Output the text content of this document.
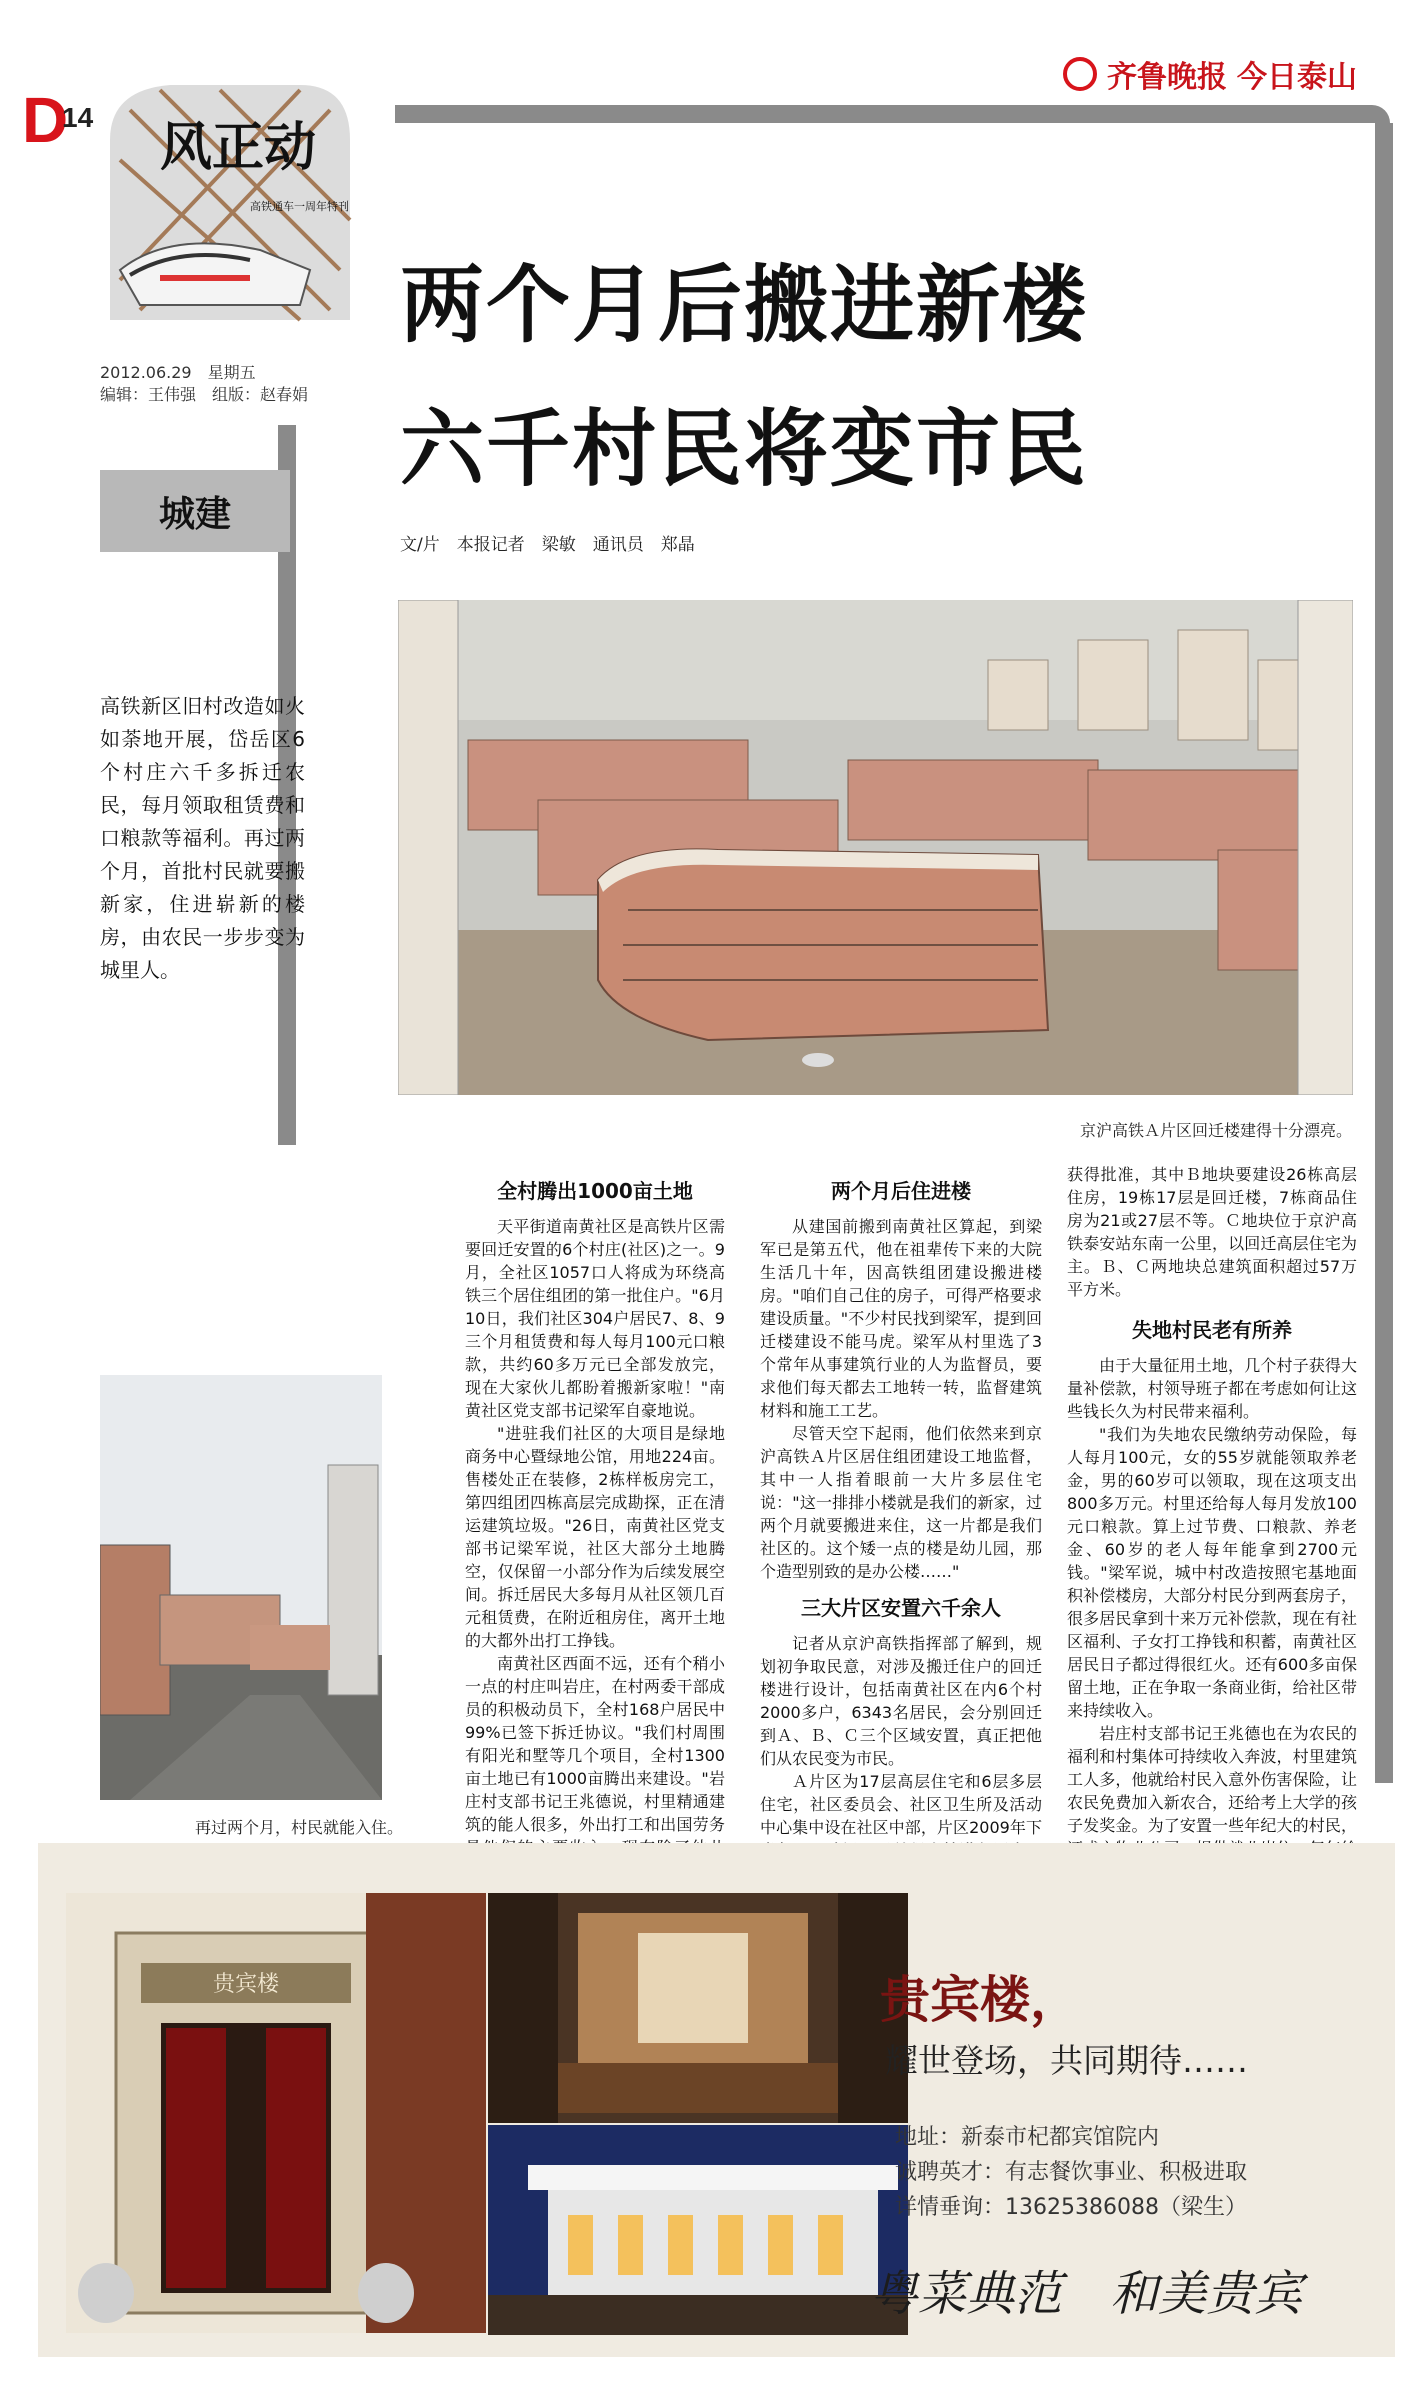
D
14 风正动
高铁通车一周年特刊
齐鲁晚报 今日泰山
2012.06.29　星期五
编辑：王伟强　组版：赵春娟
两个月后搬进新楼
六千村民将变市民
文/片　本报记者　梁敏　通讯员　郑晶
城建
高铁新区旧村改造如火如荼地开展，岱岳区6个村庄六千多拆迁农民，每月领取租赁费和口粮款等福利。再过两个月，首批村民就要搬新家，住进崭新的楼房，由农民一步步变为城里人。
京沪高铁Ａ片区回迁楼建得十分漂亮。
再过两个月，村民就能入住。
全村腾出1000亩土地

天平街道南黄社区是高铁片区需要回迁安置的6个村庄(社区)之一。9月，全社区1057口人将成为环绕高铁三个居住组团的第一批住户。"6月10日，我们社区304户居民7、8、9三个月租赁费和每人每月100元口粮款，共约60多万元已全部发放完，现在大家伙儿都盼着搬新家啦！"南黄社区党支部书记梁军自豪地说。

"进驻我们社区的大项目是绿地商务中心暨绿地公馆，用地224亩。售楼处正在装修，2栋样板房完工，第四组团四栋高层完成勘探，正在清运建筑垃圾。"26日，南黄社区党支部书记梁军说，社区大部分土地腾空，仅保留一小部分作为后续发展空间。拆迁居民大多每月从社区领几百元租赁费，在附近租房住，离开土地的大都外出打工挣钱。

南黄社区西面不远，还有个稍小一点的村庄叫岩庄，在村两委干部成员的积极动员下，全村168户居民中99%已签下拆迁协议。"我们村周围有阳光和墅等几个项目，全村1300亩土地已有1000亩腾出来建设。"岩庄村支部书记王兆德说，村里精通建筑的能人很多，外出打工和出国劳务

两个月后住进楼

从建国前搬到南黄社区算起，到梁军已是第五代，他在祖辈传下来的大院生活几十年，因高铁组团建设搬进楼房。"咱们自己住的房子，可得严格要求建设质量。"不少村民找到梁军，提到回迁楼建设不能马虎。梁军从村里选了3个常年从事建筑行业的人为监督员，要求他们每天都去工地转一转，监督建筑材料和施工工艺。

尽管天空下起雨，他们依然来到京沪高铁Ａ片区居住组团建设工地监督，其中一人指着眼前一大片多层住宅说："这一排排小楼就是我们的新家，过两个月就要搬进来住，这一片都是我们社区的。这个矮一点的楼是幼儿园，那个造型别致的是办公楼……"

三大片区安置六千余人

记者从京沪高铁指挥部了解到，规划初争取民意，对涉及搬迁住户的回迁楼进行设计，包括南黄社区在内6个村2000多户，6343名居民，会分别回迁到Ａ、Ｂ、Ｃ三个区域安置，真正把他们从农民变为市民。

Ａ片区为17层高层住宅和6层多层住宅，社区委员会、社区卫生所及活动中心集中设在社区中部，片区2009年下

获得批准，其中Ｂ地块要建设26栋高层住房，19栋17层是回迁楼，7栋商品住房为21或27层不等。Ｃ地块位于京沪高铁泰安站东南一公里，以回迁高层住宅为主。Ｂ、Ｃ两地块总建筑面积超过57万平方米。

失地村民老有所养

由于大量征用土地，几个村子获得大量补偿款，村领导班子都在考虑如何让这些钱长久为村民带来福利。

"我们为失地农民缴纳劳动保险，每人每月100元，女的55岁就能领取养老金，男的60岁可以领取，现在这项支出800多万元。村里还给每人每月发放100元口粮款。算上过节费、口粮款、养老金、60岁的老人每年能拿到2700元钱。"梁军说，城中村改造按照宅基地面积补偿楼房，大部分村民分到两套房子，很多居民拿到十来万元补偿款，现在有社区福利、子女打工挣钱和积蓄，南黄社区居民日子都过得很红火。还有600多亩保留土地，正在争取一条商业街，给社区带来持续收入。

岩庄村支部书记王兆德也在为农民的福利和村集体可持续收入奔波，村里建筑工人多，他就给村民入意外伤害保险，让农民免费加入新农合，还给考上大学的孩子发奖金。为了安置一些年纪大的村民，

贵宾楼	贵宾楼，
耀世登场，共同期待……
地址：新泰市杞都宾馆院内
诚聘英才：有志餐饮事业、积极进取
详情垂询：13625386088（梁生）
粤菜典范　和美贵宾
